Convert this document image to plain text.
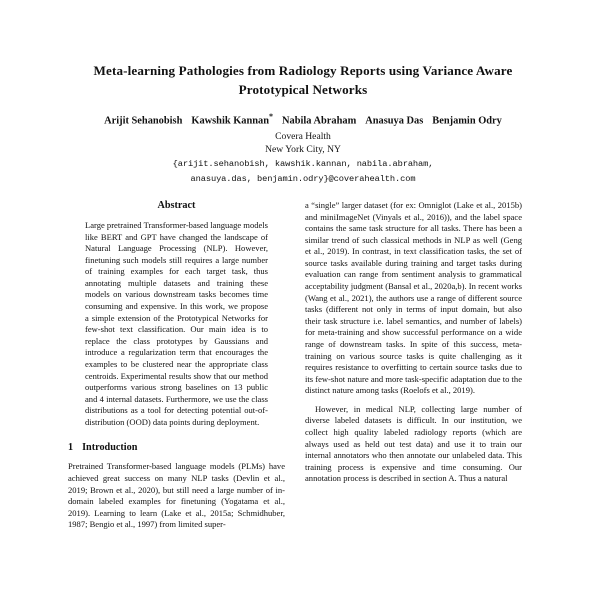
Meta-learning Pathologies from Radiology Reports using Variance Aware Prototypical Networks
Arijit Sehanobish Kawshik Kannan* Nabila Abraham Anasuya Das Benjamin Odry
Covera Health
New York City, NY
{arijit.sehanobish, kawshik.kannan, nabila.abraham,
anasuya.das, benjamin.odry}@coverahealth.com
Abstract

Large pretrained Transformer-based language models like BERT and GPT have changed the landscape of Natural Language Processing (NLP). However, finetuning such models still requires a large number of training examples for each target task, thus annotating multiple datasets and training these models on various downstream tasks becomes time consuming and expensive. In this work, we propose a simple extension of the Prototypical Networks for few-shot text classification. Our main idea is to replace the class prototypes by Gaussians and introduce a regularization term that encourages the examples to be clustered near the appropriate class centroids. Experimental results show that our method outperforms various strong baselines on 13 public and 4 internal datasets. Furthermore, we use the class distributions as a tool for detecting potential out-of-distribution (OOD) data points during deployment.

1 Introduction

Pretrained Transformer-based language models (PLMs) have achieved great success on many NLP tasks (Devlin et al., 2019; Brown et al., 2020), but still need a large number of in-domain labeled examples for finetuning (Yogatama et al., 2019). Learning to learn (Lake et al., 2015a; Schmidhuber, 1987; Bengio et al., 1997) from limited super-

a “single” larger dataset (for ex: Omniglot (Lake et al., 2015b) and miniImageNet (Vinyals et al., 2016)), and the label space contains the same task structure for all tasks. There has been a similar trend of such classical methods in NLP as well (Geng et al., 2019). In contrast, in text classification tasks, the set of source tasks available during training and target tasks during evaluation can range from sentiment analysis to grammatical acceptability judgment (Bansal et al., 2020a,b). In recent works (Wang et al., 2021), the authors use a range of different source tasks (different not only in terms of input domain, but also their task structure i.e. label semantics, and number of labels) for meta-training and show successful performance on a wide range of downstream tasks. In spite of this success, meta-training on various source tasks is quite challenging as it requires resistance to overfitting to certain source tasks due to its few-shot nature and more task-specific adaptation due to the distinct nature among tasks (Roelofs et al., 2019).

However, in medical NLP, collecting large number of diverse labeled datasets is difficult. In our institution, we collect high quality labeled radiology reports (which are always used as held out test data) and use it to train our internal annotators who then annotate our unlabeled data. This training process is expensive and time consuming. Our annotation process is described in section A. Thus a natural
